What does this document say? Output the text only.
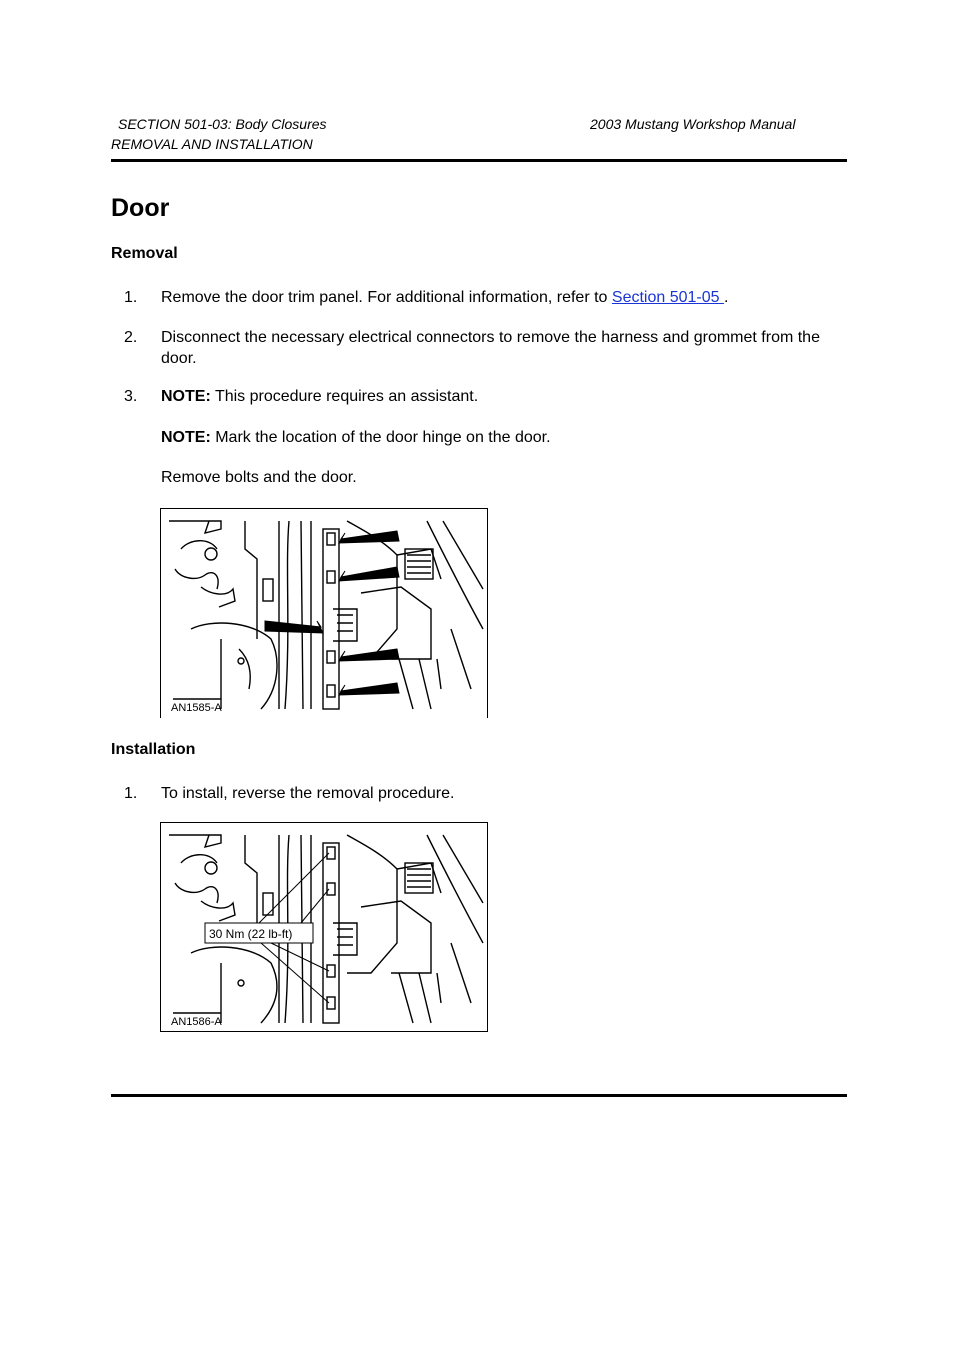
SECTION 501-03: Body Closures	2003 Mustang Workshop Manual
REMOVAL AND INSTALLATION
Door
Removal
1.	Remove the door trim panel. For additional information, refer to Section 501-05 .
2.	Disconnect the necessary electrical connectors to remove the harness and grommet from the door.
3.	NOTE: This procedure requires an assistant.
NOTE: Mark the location of the door hinge on the door.
Remove bolts and the door.
AN1585-A
Installation
1.	To install, reverse the removal procedure.
30 Nm (22 lb-ft)
AN1586-A
